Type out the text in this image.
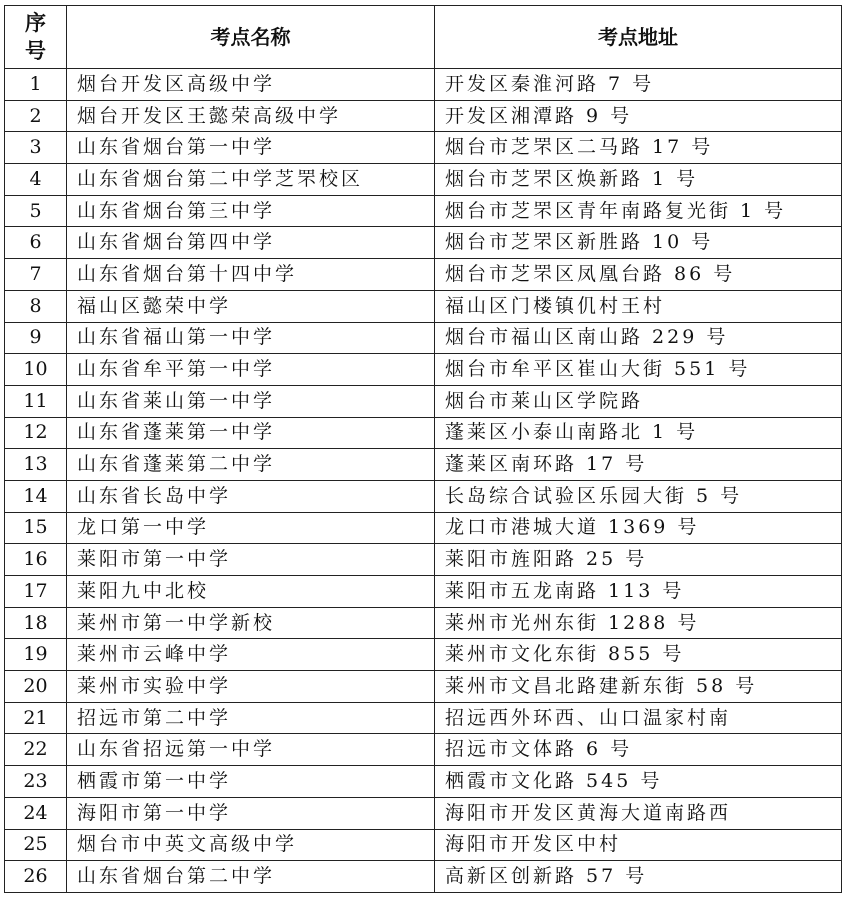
序
号	考点名称	考点地址
1	烟台开发区高级中学	开发区秦淮河路 7 号
2	烟台开发区王懿荣高级中学	开发区湘潭路 9 号
3	山东省烟台第一中学	烟台市芝罘区二马路 17 号
4	山东省烟台第二中学芝罘校区	烟台市芝罘区焕新路 1 号
5	山东省烟台第三中学	烟台市芝罘区青年南路复光街 1 号
6	山东省烟台第四中学	烟台市芝罘区新胜路 10 号
7	山东省烟台第十四中学	烟台市芝罘区凤凰台路 86 号
8	福山区懿荣中学	福山区门楼镇仉村王村
9	山东省福山第一中学	烟台市福山区南山路 229 号
10	山东省牟平第一中学	烟台市牟平区崔山大街 551 号
11	山东省莱山第一中学	烟台市莱山区学院路
12	山东省蓬莱第一中学	蓬莱区小泰山南路北 1 号
13	山东省蓬莱第二中学	蓬莱区南环路 17 号
14	山东省长岛中学	长岛综合试验区乐园大街 5 号
15	龙口第一中学	龙口市港城大道 1369 号
16	莱阳市第一中学	莱阳市旌阳路 25 号
17	莱阳九中北校	莱阳市五龙南路 113 号
18	莱州市第一中学新校	莱州市光州东街 1288 号
19	莱州市云峰中学	莱州市文化东街 855 号
20	莱州市实验中学	莱州市文昌北路建新东街 58 号
21	招远市第二中学	招远西外环西、山口温家村南
22	山东省招远第一中学	招远市文体路 6 号
23	栖霞市第一中学	栖霞市文化路 545 号
24	海阳市第一中学	海阳市开发区黄海大道南路西
25	烟台市中英文高级中学	海阳市开发区中村
26	山东省烟台第二中学	高新区创新路 57 号
